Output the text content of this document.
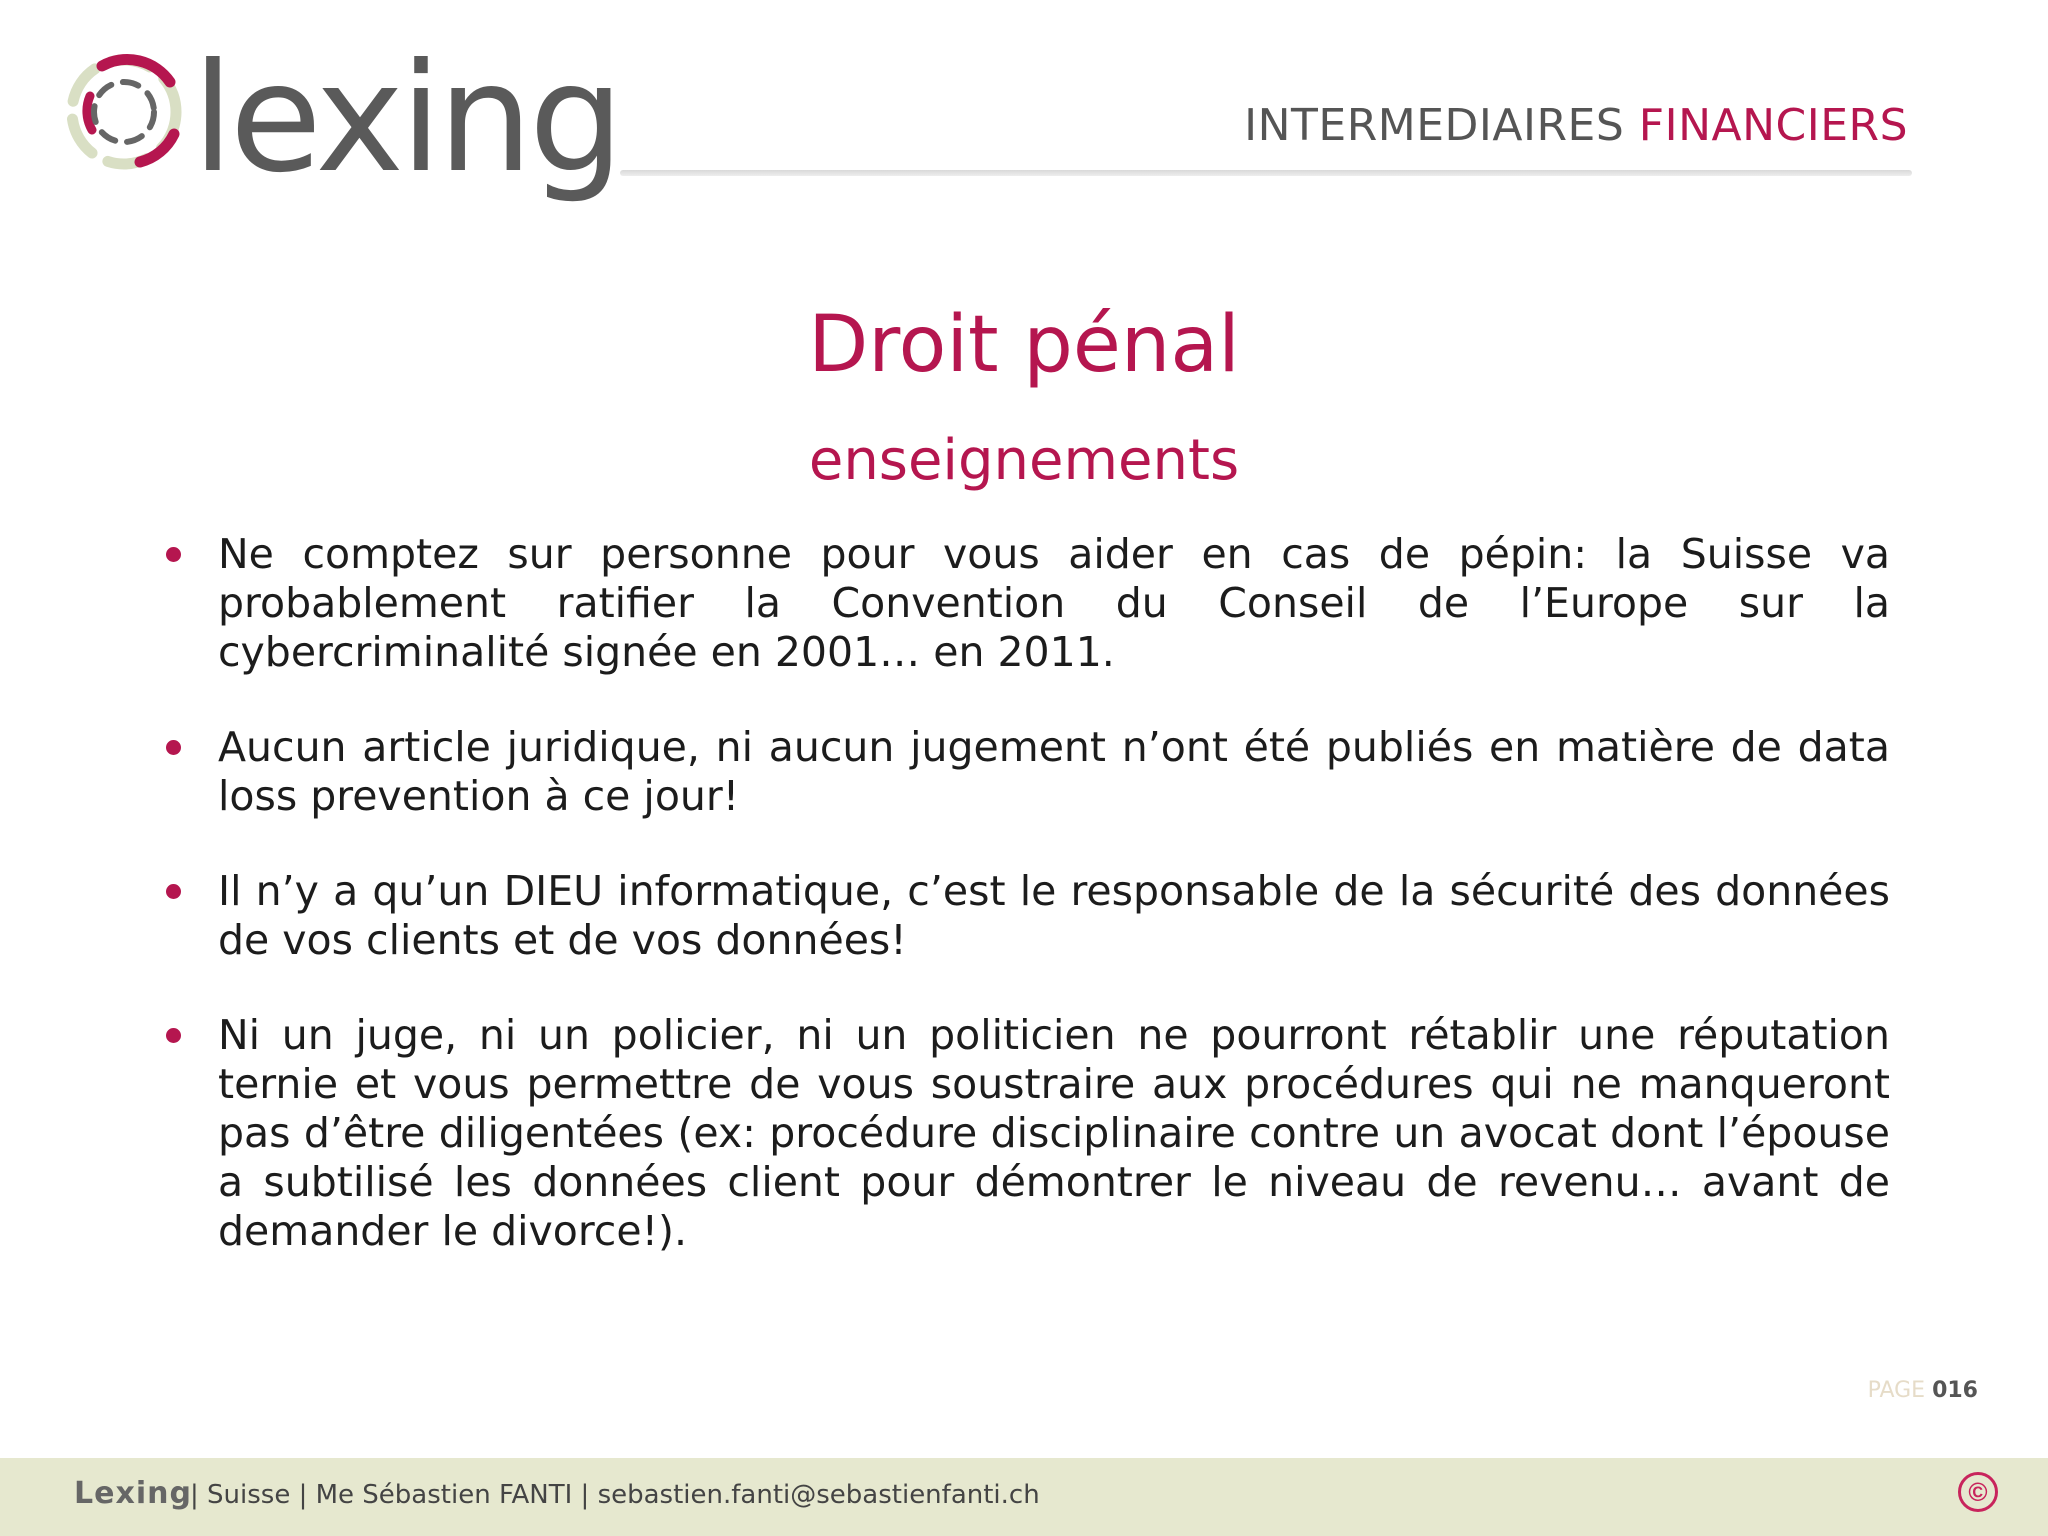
lexing	INTERMEDIAIRES FINANCIERS
Droit pénal
enseignements
Ne comptez sur personne pour vous aider en cas de pépin: la Suisse va probablement ratifier la Convention du Conseil de l’Europe sur la cybercriminalité signée en 2001… en 2011.
Aucun article juridique, ni aucun jugement n’ont été publiés en matière de data loss prevention à ce jour!
Il n’y a qu’un DIEU informatique, c’est le responsable de la sécurité des données de vos clients et de vos données!
Ni un juge, ni un policier, ni un politicien ne pourront rétablir une réputation ternie et vous permettre de vous soustraire aux procédures qui ne manqueront pas d’être diligentées (ex: procédure disciplinaire contre un avocat dont l’épouse a subtilisé les données client pour démontrer le niveau de revenu… avant de demander le divorce!).
PAGE 016
Lexing
| Suisse | Me Sébastien FANTI | sebastien.fanti@sebastienfanti.ch	©
